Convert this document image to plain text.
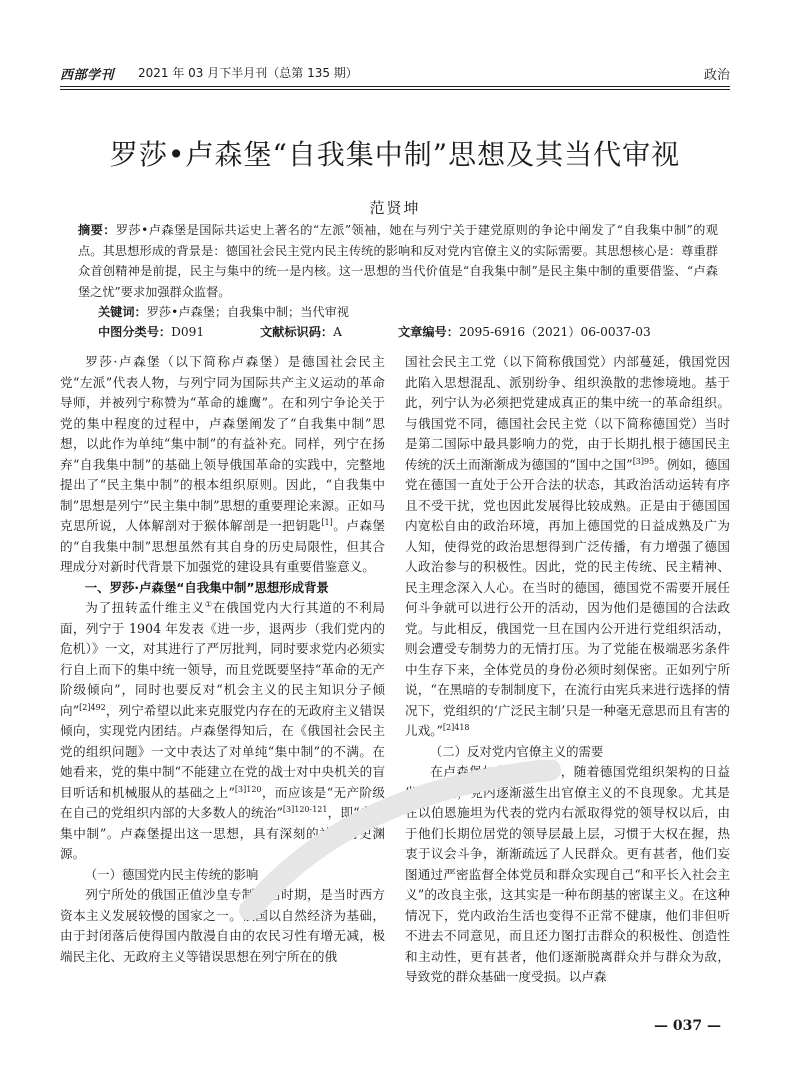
西部学刊 2021 年 03 月下半月刊（总第 135 期）	政治
罗莎•卢森堡“自我集中制”思想及其当代审视
范贤坤
摘要：罗莎•卢森堡是国际共运史上著名的“左派”领袖，她在与列宁关于建党原则的争论中阐发了“自我集中制”的观点。其思想形成的背景是：德国社会民主党内民主传统的影响和反对党内官僚主义的实际需要。其思想核心是：尊重群众首创精神是前提，民主与集中的统一是内核。这一思想的当代价值是“自我集中制”是民主集中制的重要借鉴、“卢森堡之忧”要求加强群众监督。
关键词：罗莎•卢森堡；自我集中制；当代审视
中图分类号：D091	文献标识码：A	文章编号：2095-6916（2021）06-0037-03

罗莎·卢森堡（以下简称卢森堡）是德国社会民主党“左派”代表人物，与列宁同为国际共产主义运动的革命导师，并被列宁称赞为“革命的雄鹰”。在和列宁争论关于党的集中程度的过程中，卢森堡阐发了“自我集中制”思想，以此作为单纯“集中制”的有益补充。同样，列宁在扬弃“自我集中制”的基础上领导俄国革命的实践中，完整地提出了“民主集中制”的根本组织原则。因此，“自我集中制”思想是列宁“民主集中制”思想的重要理论来源。正如马克思所说，人体解剖对于猴体解剖是一把钥匙[1]。卢森堡的“自我集中制”思想虽然有其自身的历史局限性，但其合理成分对新时代背景下加强党的建设具有重要借鉴意义。

一、罗莎·卢森堡“自我集中制”思想形成背景

为了扭转孟什维主义①在俄国党内大行其道的不利局面，列宁于 1904 年发表《进一步，退两步（我们党内的危机）》一文，对其进行了严厉批判，同时要求党内必须实行自上而下的集中统一领导，而且党既要坚持“革命的无产阶级倾向”，同时也要反对“机会主义的民主知识分子倾向”$^{[2]492}$，列宁希望以此来克服党内存在的无政府主义错误倾向，实现党内团结。卢森堡得知后，在《俄国社会民主党的组织问题》一文中表达了对单纯“集中制”的不满。在她看来，党的集中制“不能建立在党的战士对中央机关的盲目听话和机械服从的基础之上”$^{[3]120}$，而应该是“无产阶级在自己的党组织内部的大多数人的统治”$^{[3]120-121}$，即“自我集中制”。卢森堡提出这一思想，具有深刻的社会历史渊源。

（一）德国党内民主传统的影响

列宁所处的俄国正值沙皇专制统治时期，是当时西方资本主义发展较慢的国家之一。俄国以自然经济为基础，由于封闭落后使得国内散漫自由的农民习性有增无减，极端民主化、无政府主义等错误思想在列宁所在的俄

国社会民主工党（以下简称俄国党）内部蔓延，俄国党因此陷入思想混乱、派别纷争、组织涣散的悲惨境地。基于此，列宁认为必须把党建成真正的集中统一的革命组织。与俄国党不同，德国社会民主党（以下简称德国党）当时是第二国际中最具影响力的党，由于长期扎根于德国民主传统的沃土而渐渐成为德国的“国中之国”$^{[3]95}$。例如，德国党在德国一直处于公开合法的状态，其政治活动运转有序且不受干扰，党也因此发展得比较成熟。正是由于德国国内宽松自由的政治环境，再加上德国党的日益成熟及广为人知，使得党的政治思想得到广泛传播，有力增强了德国人政治参与的积极性。因此，党的民主传统、民主精神、民主理念深入人心。在当时的德国，德国党不需要开展任何斗争就可以进行公开的活动，因为他们是德国的合法政党。与此相反，俄国党一旦在国内公开进行党组织活动，则会遭受专制势力的无情打压。为了党能在极端恶劣条件中生存下来，全体党员的身份必须时刻保密。正如列宁所说，“在黑暗的专制制度下，在流行由宪兵来进行选择的情况下，党组织的‘广泛民主制’只是一种毫无意思而且有害的儿戏。”$^{[2]418}$

（二）反对党内官僚主义的需要

在卢森堡加入德国党时，随着德国党组织架构的日益发展成熟，党内逐渐滋生出官僚主义的不良现象。尤其是在以伯恩施坦为代表的党内右派取得党的领导权以后，由于他们长期位居党的领导层最上层，习惯于大权在握，热衷于议会斗争，渐渐疏远了人民群众。更有甚者，他们妄图通过严密监督全体党员和群众实现自己“和平长入社会主义”的改良主张，这其实是一种布朗基的密谋主义。在这种情况下，党内政治生活也变得不正常不健康，他们非但听不进去不同意见，而且还力图打击群众的积极性、创造性和主动性，更有甚者，他们逐渐脱离群众并与群众为敌，导致党的群众基础一度受损。以卢森

— 037 —
